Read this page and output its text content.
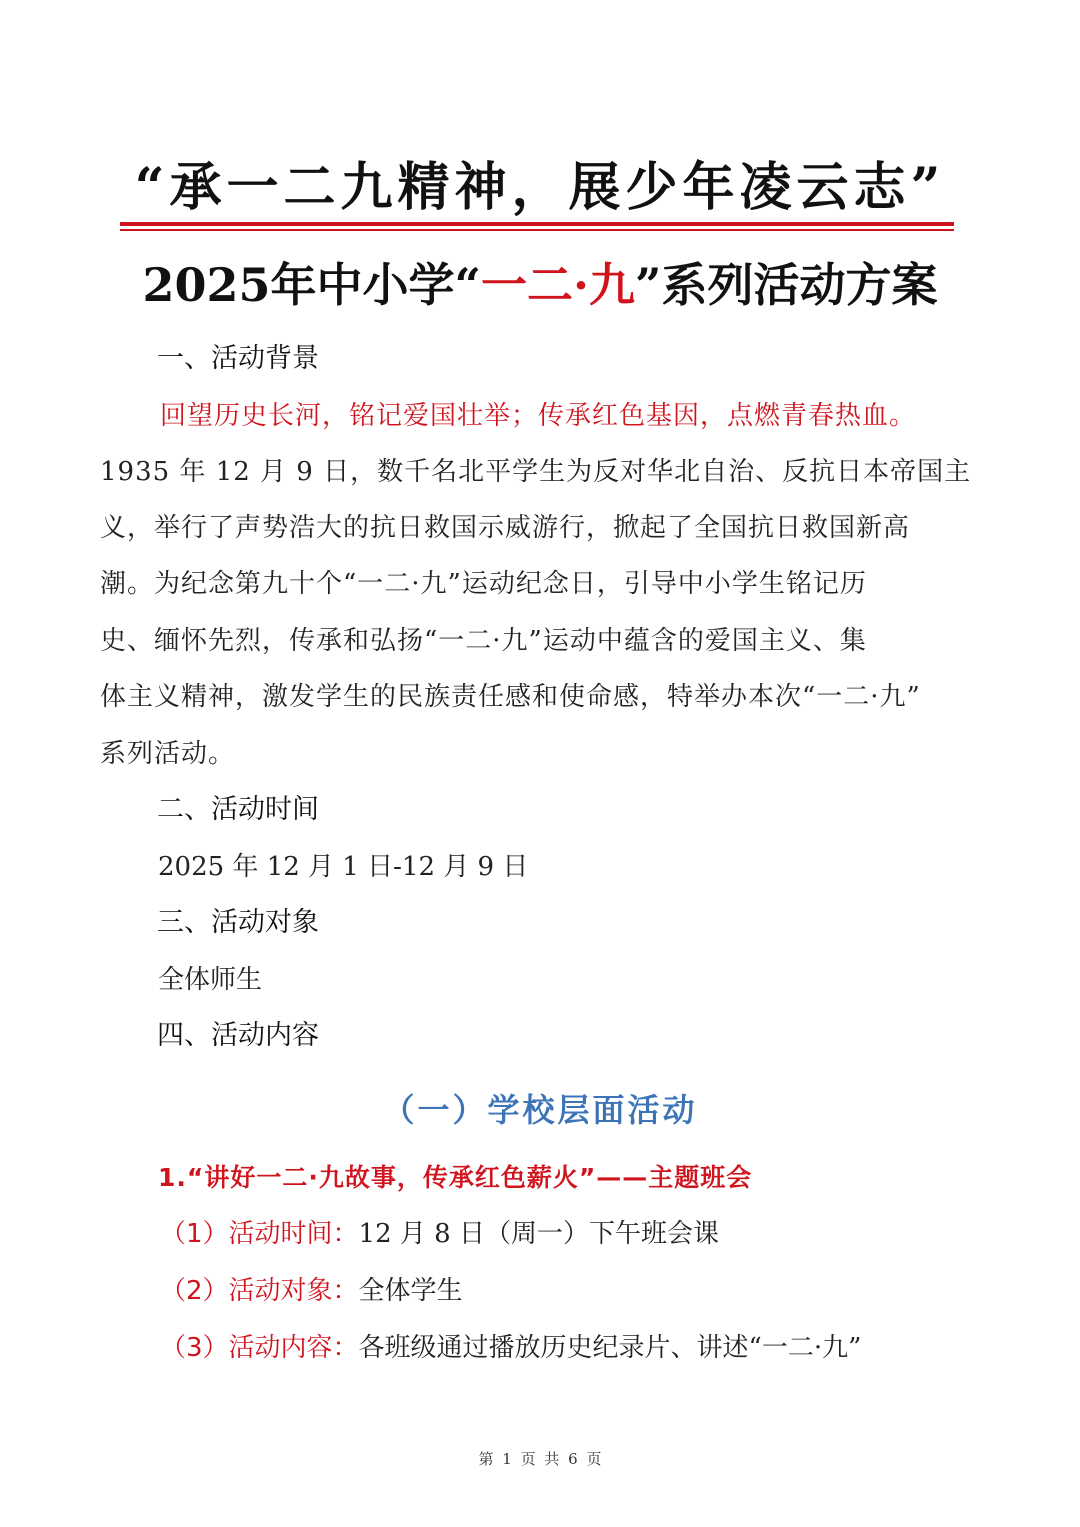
“承一二九精神，展少年凌云志”
2025年中小学“一二·九”系列活动方案
一、活动背景
回望历史长河，铭记爱国壮举；传承红色基因，点燃青春热血。
1935 年 12 月 9 日，数千名北平学生为反对华北自治、反抗日本帝国主
义，举行了声势浩大的抗日救国示威游行，掀起了全国抗日救国新高
潮。为纪念第九十个“一二·九”运动纪念日，引导中小学生铭记历
史、缅怀先烈，传承和弘扬“一二·九”运动中蕴含的爱国主义、集
体主义精神，激发学生的民族责任感和使命感，特举办本次“一二·九”
系列活动。
二、活动时间
2025 年 12 月 1 日-12 月 9 日
三、活动对象
全体师生
四、活动内容
（一）学校层面活动
1.“讲好一二·九故事，传承红色薪火”——主题班会
（1）活动时间：12 月 8 日（周一）下午班会课
（2）活动对象：全体学生
（3）活动内容：各班级通过播放历史纪录片、讲述“一二·九”
第 1 页 共 6 页
